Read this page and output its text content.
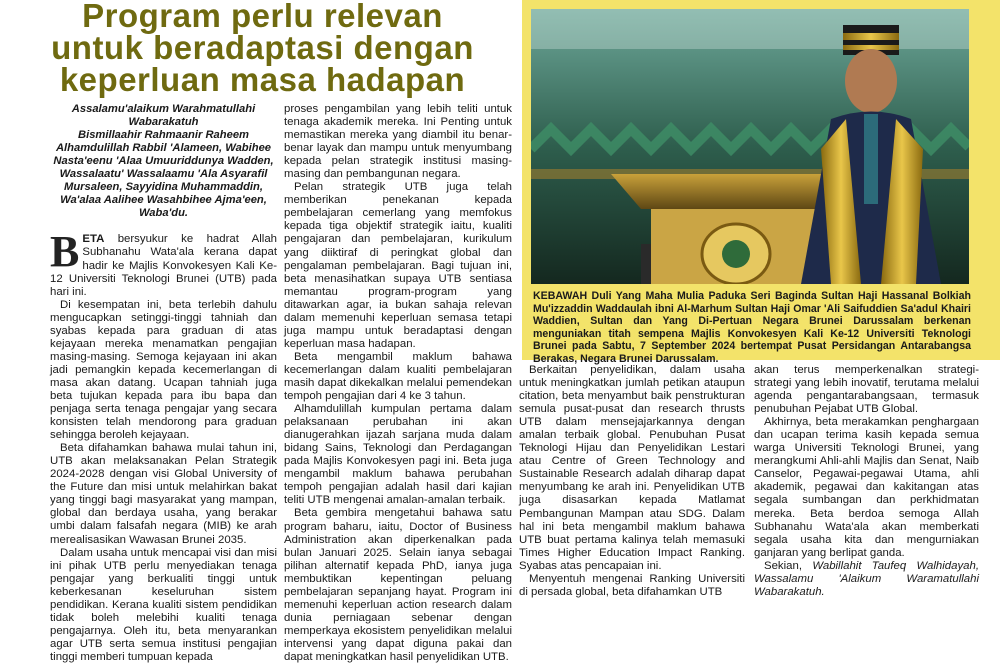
Program perlu relevan
untuk beradaptasi dengan
keperluan masa hadapan

Assalamu'alaikum Warahmatullahi

Wabarakatuh

Bismillaahir Rahmaanir Raheem

Alhamdulillah Rabbil 'Alameen, Wabihee

Nasta'eenu 'Alaa Umuuriddunya Wadden,

Wassalaatu' Wassalaamu 'Ala Asyarafil

Mursaleen, Sayyidina Muhammaddin,

Wa'alaa Aalihee Wasahbihee Ajma'een,

Waba'du.

BETA bersyukur ke hadrat Allah Subhanahu Wata'ala kerana dapat hadir ke Majlis Konvokesyen Kali Ke-12 Universiti Teknologi Brunei (UTB) pada hari ini.

Di kesempatan ini, beta terlebih dahulu mengucapkan setinggi-tinggi tahniah dan syabas kepada para graduan di atas kejayaan mereka menamatkan pengajian masing-masing. Semoga kejayaan ini akan jadi pemangkin kepada kecemerlangan di masa akan datang. Ucapan tahniah juga beta tujukan kepada para ibu bapa dan penjaga serta tenaga pengajar yang secara konsisten telah mendorong para graduan sehingga beroleh kejayaan.

Beta difahamkan bahawa mulai tahun ini, UTB akan melaksanakan Pelan Strategik 2024-2028 dengan visi Global University of the Future dan misi untuk melahirkan bakat yang tinggi bagi masyarakat yang mampan, global dan berdaya usaha, yang berakar umbi dalam falsafah negara (MIB) ke arah merealisasikan Wawasan Brunei 2035.

Dalam usaha untuk mencapai visi dan misi ini pihak UTB perlu menyediakan tenaga pengajar yang berkualiti tinggi untuk keberkesanan keseluruhan sistem pendidikan. Kerana kualiti sistem pendidikan tidak boleh melebihi kualiti tenaga pengajarnya. Oleh itu, beta menyarankan agar UTB serta semua institusi pengajian tinggi memberi tumpuan kepada

proses pengambilan yang lebih teliti untuk tenaga akademik mereka. Ini Penting untuk memastikan mereka yang diambil itu benar-benar layak dan mampu untuk menyumbang kepada pelan strategik institusi masing-masing dan pembangunan negara.

Pelan strategik UTB juga telah memberikan penekanan kepada pembelajaran cemerlang yang memfokus kepada tiga objektif strategik iaitu, kualiti pengajaran dan pembelajaran, kurikulum yang diiktiraf di peringkat global dan pengalaman pembelajaran. Bagi tujuan ini, beta menasihatkan supaya UTB sentiasa memantau program-program yang ditawarkan agar, ia bukan sahaja relevan dalam memenuhi keperluan semasa tetapi juga mampu untuk beradaptasi dengan keperluan masa hadapan.

Beta mengambil maklum bahawa kecemerlangan dalam kualiti pembelajaran masih dapat dikekalkan melalui pemendekan tempoh pengajian dari 4 ke 3 tahun.

Alhamdulillah kumpulan pertama dalam pelaksanaan perubahan ini akan dianugerahkan ijazah sarjana muda dalam bidang Sains, Teknologi dan Perdagangan pada Majlis Konvokesyen pagi ini. Beta juga mengambil maklum bahawa perubahan tempoh pengajian adalah hasil dari kajian teliti UTB mengenai amalan-amalan terbaik.

Beta gembira mengetahui bahawa satu program baharu, iaitu, Doctor of Business Administration akan diperkenalkan pada bulan Januari 2025. Selain ianya sebagai pilihan alternatif kepada PhD, ianya juga membuktikan kepentingan peluang pembelajaran sepanjang hayat. Program ini memenuhi keperluan action research dalam dunia perniagaan sebenar dengan memperkaya ekosistem penyelidikan melalui intervensi yang dapat diguna pakai dan dapat meningkatkan hasil penyelidikan UTB.

KEBAWAH Duli Yang Maha Mulia Paduka Seri Baginda Sultan Haji Hassanal Bolkiah Mu'izzaddin Waddaulah ibni Al-Marhum Sultan Haji Omar 'Ali Saifuddien Sa'adul Khairi Waddien, Sultan dan Yang Di-Pertuan Negara Brunei Darussalam berkenan menguniakan titah sempena Majlis Konvokesyen Kali Ke-12 Universiti Teknologi Brunei pada Sabtu, 7 September 2024 bertempat Pusat Persidangan Antarabangsa Berakas, Negara Brunei Darussalam.

Berkaitan penyelidikan, dalam usaha untuk meningkatkan jumlah petikan ataupun citation, beta menyambut baik penstrukturan semula pusat-pusat dan research thrusts UTB dalam mensejajarkannya dengan amalan terbaik global. Penubuhan Pusat Teknologi Hijau dan Penyelidikan Lestari atau Centre of Green Technology and Sustainable Research adalah diharap dapat menyumbang ke arah ini. Penyelidikan UTB juga disasarkan kepada Matlamat Pembangunan Mampan atau SDG. Dalam hal ini beta mengambil maklum bahawa UTB buat pertama kalinya telah memasuki Times Higher Education Impact Ranking. Syabas atas pencapaian ini.

Menyentuh mengenai Ranking Universiti di persada global, beta difahamkan UTB

akan terus memperkenalkan strategi-strategi yang lebih inovatif, terutama melalui agenda pengantarabangsaan, termasuk penubuhan Pejabat UTB Global.

Akhirnya, beta merakamkan penghargaan dan ucapan terima kasih kepada semua warga Universiti Teknologi Brunei, yang merangkumi Ahli-ahli Majlis dan Senat, Naib Canselor, Pegawai-pegawai Utama, ahli akademik, pegawai dan kakitangan atas segala sumbangan dan perkhidmatan mereka. Beta berdoa semoga Allah Subhanahu Wata'ala akan memberkati segala usaha kita dan mengurniakan ganjaran yang berlipat ganda.

Sekian, Wabillahit Taufeq Walhidayah, Wassalamu 'Alaikum Waramatullahi Wabarakatuh.
